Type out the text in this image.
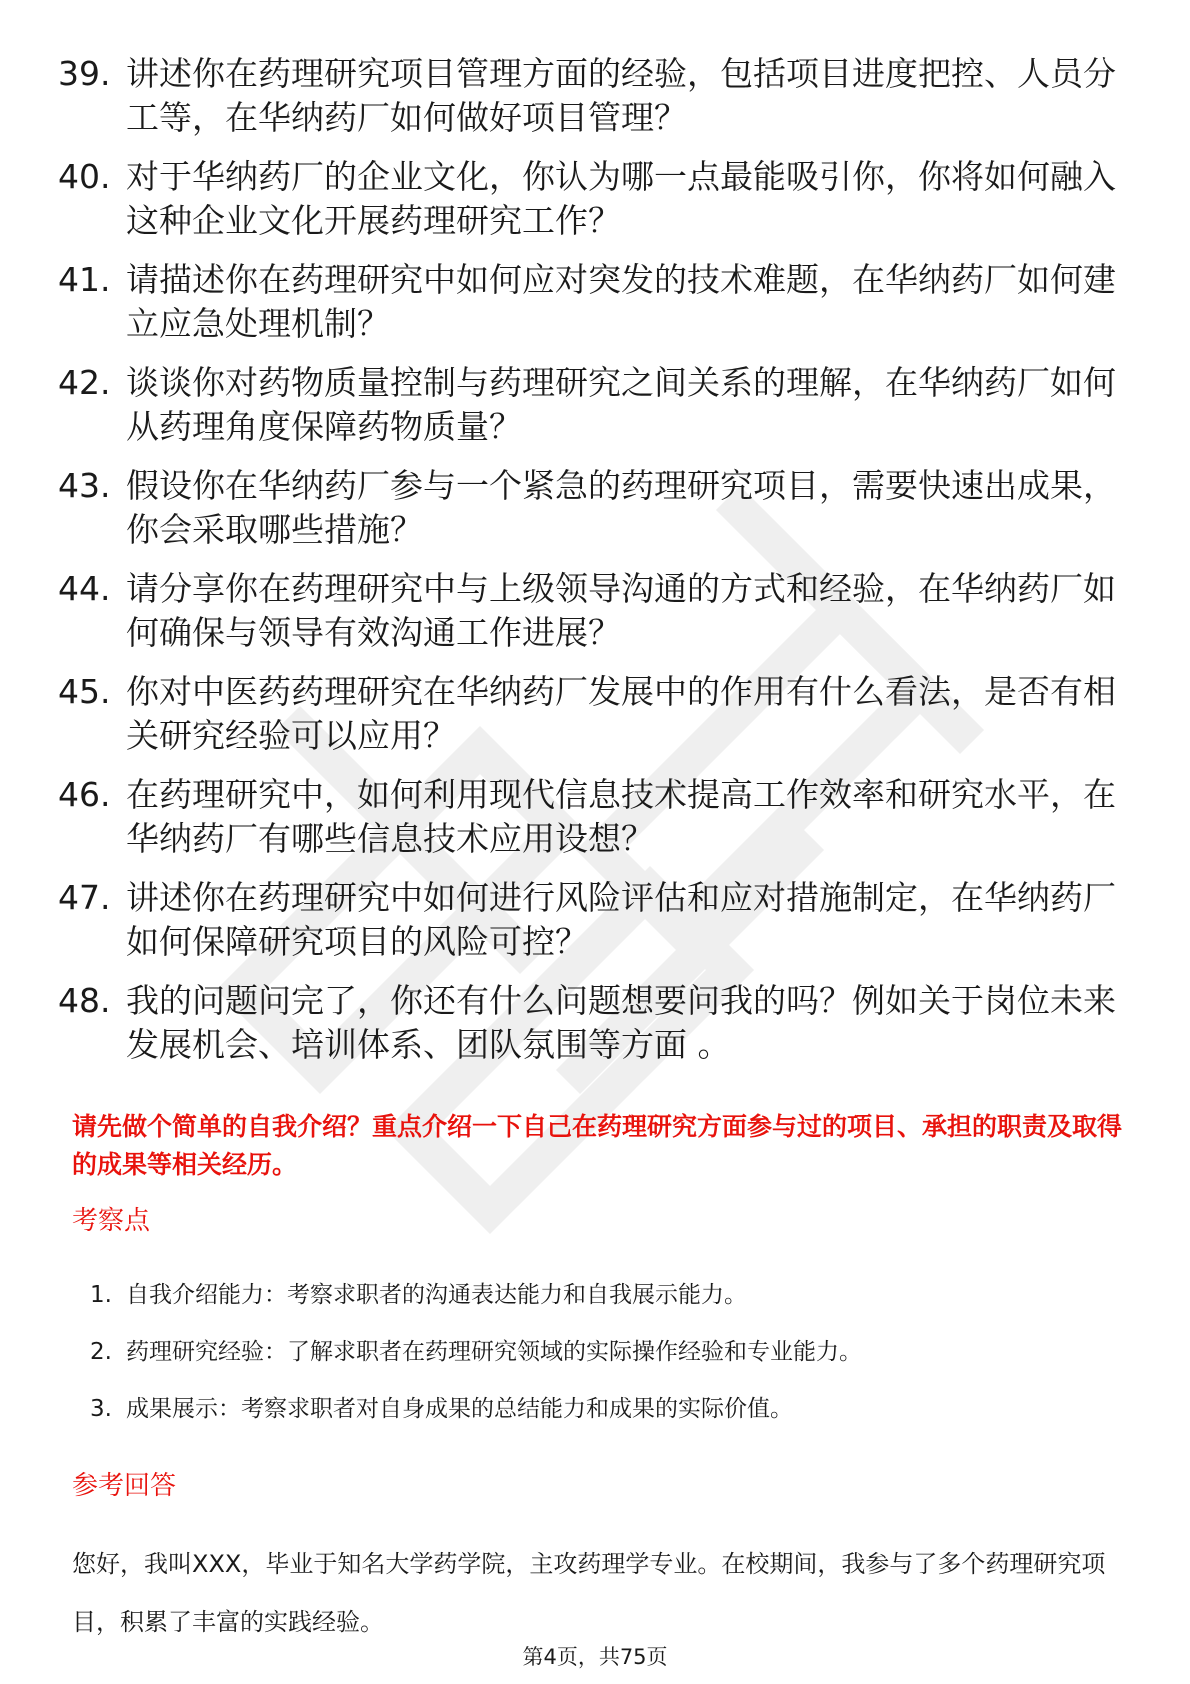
39. 讲述你在药理研究项目管理方面的经验，包括项目进度把控、人员分工等，在华纳药厂如何做好项目管理？
40. 对于华纳药厂的企业文化，你认为哪一点最能吸引你，你将如何融入这种企业文化开展药理研究工作？
41. 请描述你在药理研究中如何应对突发的技术难题，在华纳药厂如何建立应急处理机制？
42. 谈谈你对药物质量控制与药理研究之间关系的理解，在华纳药厂如何从药理角度保障药物质量？
43. 假设你在华纳药厂参与一个紧急的药理研究项目，需要快速出成果，你会采取哪些措施？
44. 请分享你在药理研究中与上级领导沟通的方式和经验，在华纳药厂如何确保与领导有效沟通工作进展？
45. 你对中医药药理研究在华纳药厂发展中的作用有什么看法，是否有相关研究经验可以应用？
46. 在药理研究中，如何利用现代信息技术提高工作效率和研究水平，在华纳药厂有哪些信息技术应用设想？
47. 讲述你在药理研究中如何进行风险评估和应对措施制定，在华纳药厂如何保障研究项目的风险可控？
48. 我的问题问完了，你还有什么问题想要问我的吗？例如关于岗位未来发展机会、培训体系、团队氛围等方面 。

请先做个简单的自我介绍？重点介绍一下自己在药理研究方面参与过的项目、承担的职责及取得的成果等相关经历。

考察点
1. 自我介绍能力：考察求职者的沟通表达能力和自我展示能力。
2. 药理研究经验：了解求职者在药理研究领域的实际操作经验和专业能力。
3. 成果展示：考察求职者对自身成果的总结能力和成果的实际价值。
参考回答

您好，我叫XXX，毕业于知名大学药学院，主攻药理学专业。在校期间，我参与了多个药理研究项目，积累了丰富的实践经验。

第4页，共75页
